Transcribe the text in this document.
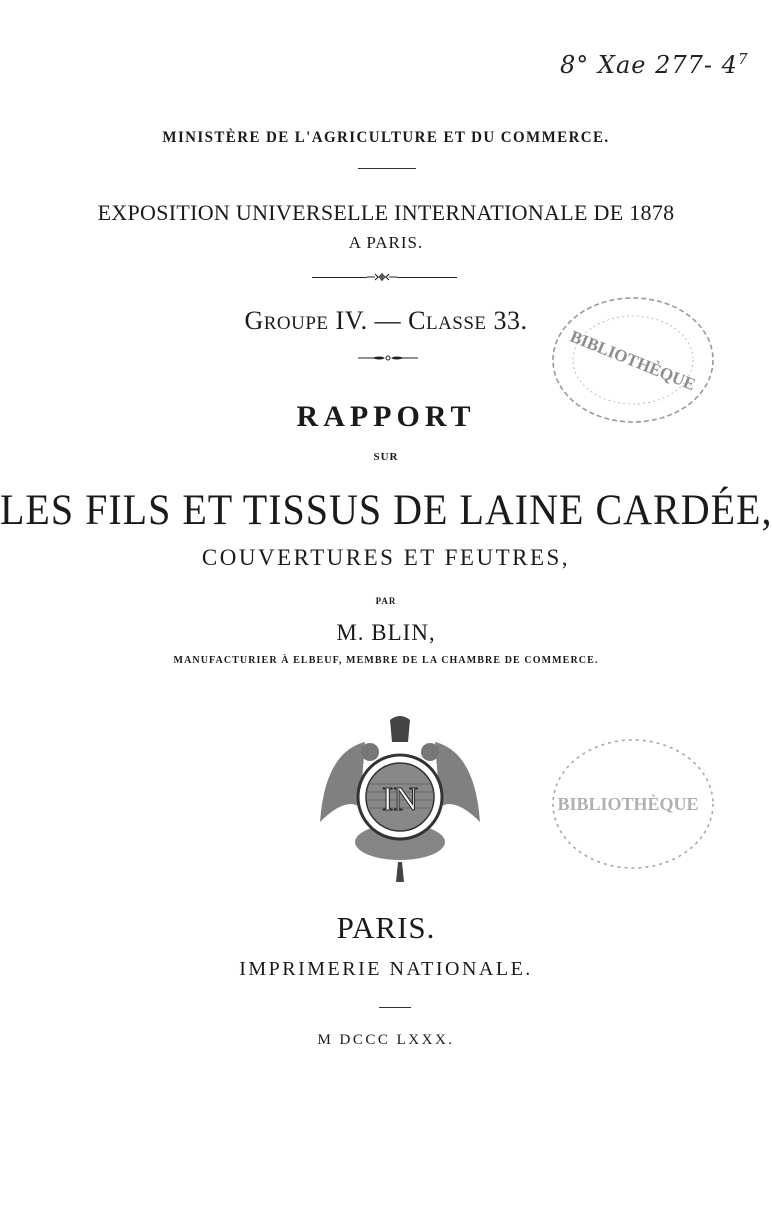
8° Xae 277- $4^7$
MINISTÈRE DE L'AGRICULTURE ET DU COMMERCE.
EXPOSITION UNIVERSELLE INTERNATIONALE DE 1878
A PARIS.
GROUPE IV. — CLASSE 33.
BIBLIOTHÈQUE
RAPPORT
SUR
LES FILS ET TISSUS DE LAINE CARDÉE,
COUVERTURES ET FEUTRES,
PAR
M. BLIN,
MANUFACTURIER À ELBEUF, MEMBRE DE LA CHAMBRE DE COMMERCE.
IN	BIBLIOTHÈQUE
PARIS.
IMPRIMERIE NATIONALE.
M DCCC LXXX.
